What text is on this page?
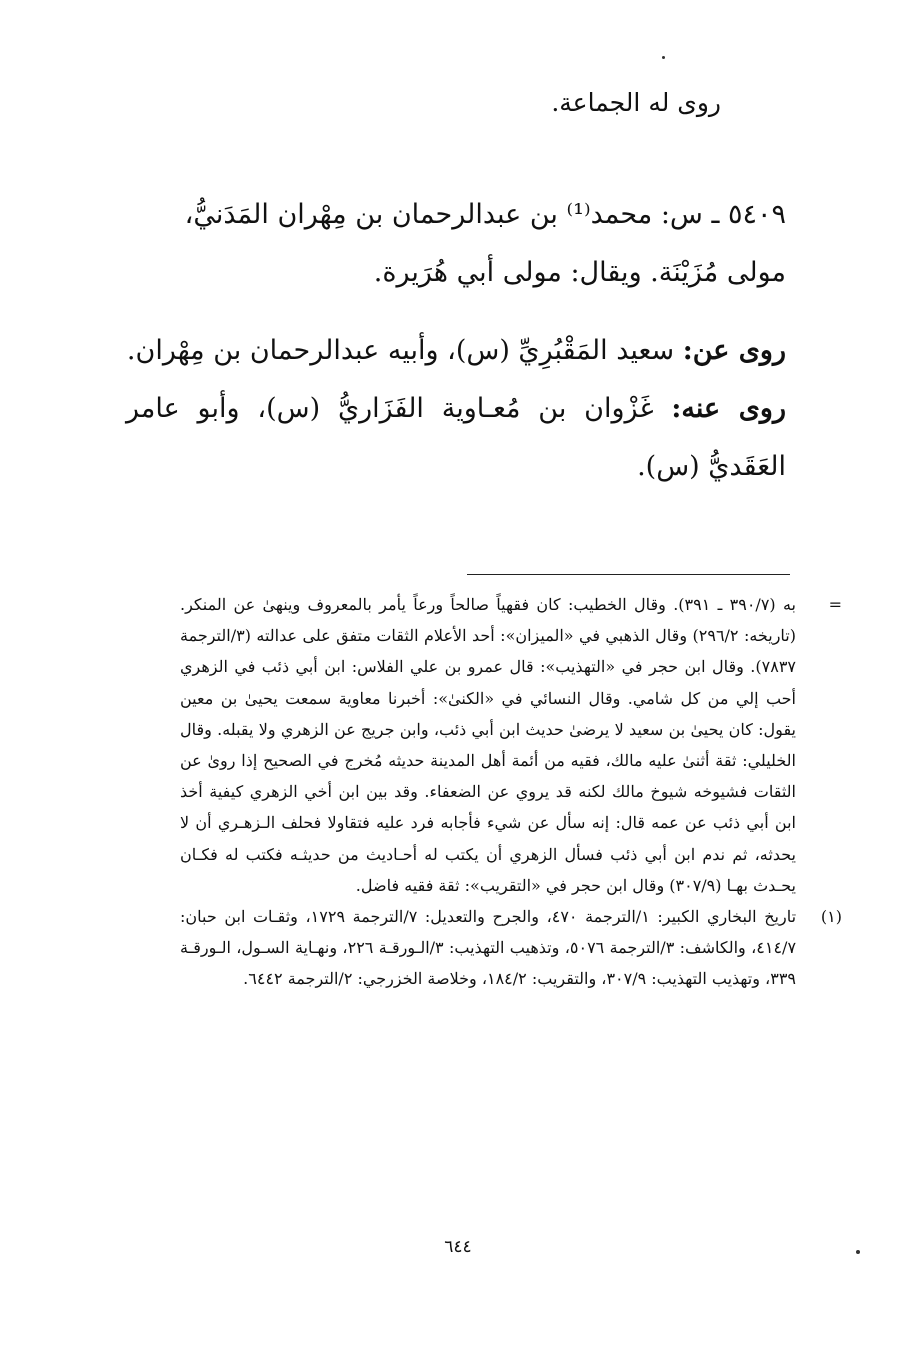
روى له الجماعة.

٥٤٠٩ ـ س: محمد⁽¹⁾ بن عبدالرحمان بن مِهْران المَدَنيُّ،

مولى مُزَيْنَة. ويقال: مولى أبي هُرَيرة.

روى عن: سعيد المَقْبُرِيِّ (س)، وأبيه عبدالرحمان بن مِهْران.

روى عنه: غَزْوان بن مُعـاوية الفَزَاريُّ (س)، وأبو عامر العَقَديُّ (س).

=
به (٣٩٠/٧ ـ ٣٩١). وقال الخطيب: كان فقهياً صالحاً ورعاً يأمر بالمعروف وينهىٰ عن المنكر. (تاريخه: ٢٩٦/٢) وقال الذهبي في «الميزان»: أحد الأعلام الثقات متفق على عدالته (٣/الترجمة ٧٨٣٧). وقال ابن حجر في «التهذيب»: قال عمرو بن علي الفلاس: ابن أبي ذئب في الزهري أحب إلي من كل شامي. وقال النسائي في «الكنىٰ»: أخبرنا معاوية سمعت يحيىٰ بن معين يقول: كان يحيىٰ بن سعيد لا يرضىٰ حديث ابن أبي ذئب، وابن جريج عن الزهري ولا يقبله. وقال الخليلي: ثقة أثنىٰ عليه مالك، فقيه من أئمة أهل المدينة حديثه مُخرج في الصحيح إذا روىٰ عن الثقات فشيوخه شيوخ مالك لكنه قد يروي عن الضعفاء. وقد بين ابن أخي الزهري كيفية أخذ ابن أبي ذئب عن عمه قال: إنه سأل عن شيء فأجابه فرد عليه فتقاولا فحلف الـزهـري أن لا يحدثه، ثم ندم ابن أبي ذئب فسأل الزهري أن يكتب له أحـاديث من حديثـه فكتب له فكـان يحـدث بهـا (٣٠٧/٩) وقال ابن حجر في «التقريب»: ثقة فقيه فاضل.

(١)
تاريخ البخاري الكبير: ١/الترجمة ٤٧٠، والجرح والتعديل: ٧/الترجمة ١٧٢٩، وثقـات ابن حبان: ٤١٤/٧، والكاشف: ٣/الترجمة ٥٠٧٦، وتذهيب التهذيب: ٣/الـورقـة ٢٢٦، ونهـاية السـول، الـورقـة ٣٣٩، وتهذيب التهذيب: ٣٠٧/٩، والتقريب: ١٨٤/٢، وخلاصة الخزرجي: ٢/الترجمة ٦٤٤٢.

٦٤٤
